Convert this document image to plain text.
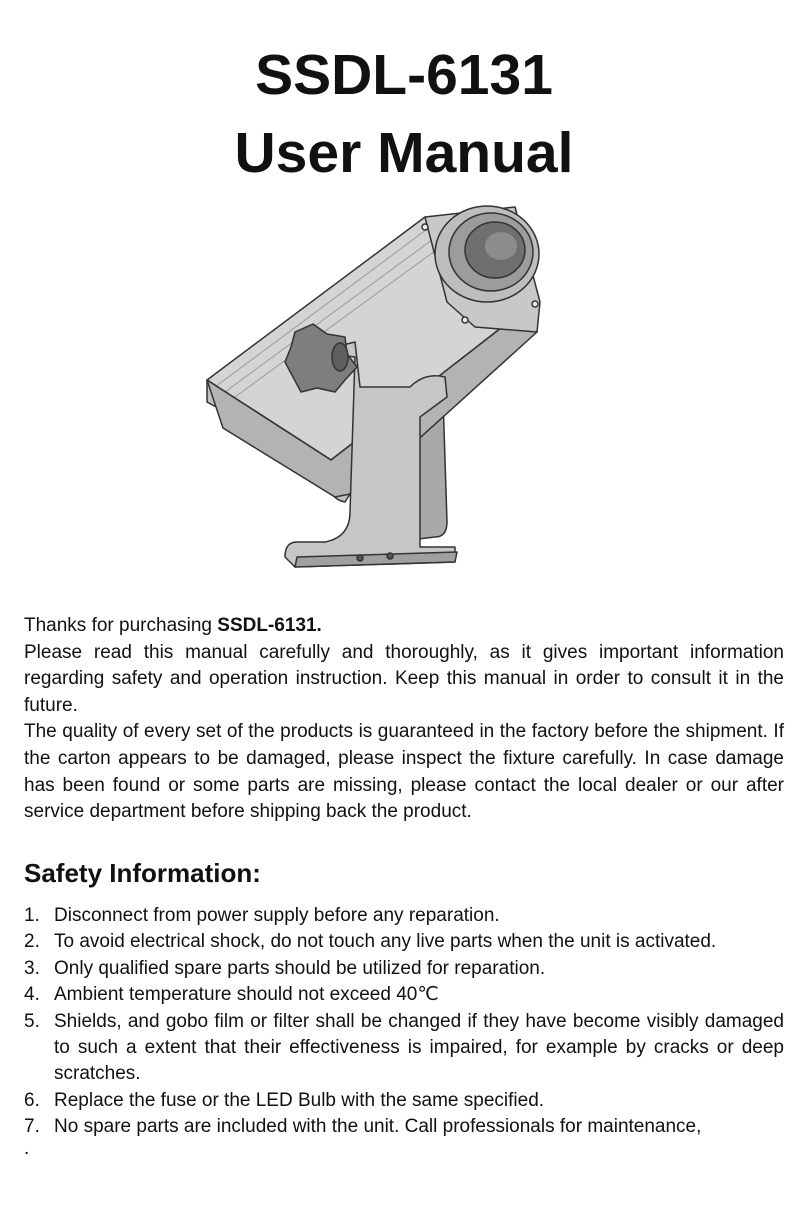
SSDL-6131
User Manual

Thanks for purchasing SSDL-6131.

Please read this manual carefully and thoroughly, as it gives important information regarding safety and operation instruction. Keep this manual in order to consult it in the future.

The quality of every set of the products is guaranteed in the factory before the shipment. If the carton appears to be damaged, please inspect the fixture carefully. In case damage has been found or some parts are missing, please contact the local dealer or our after service department before shipping back the product.

Safety Information:
1. Disconnect from power supply before any reparation.
2. To avoid electrical shock, do not touch any live parts when the unit is activated.
3. Only qualified spare parts should be utilized for reparation.
4. Ambient temperature should not exceed 40℃
5. Shields, and gobo film or filter shall be changed if they have become visibly damaged to such a extent that their effectiveness is impaired, for example by cracks or deep scratches.
6. Replace the fuse or the LED Bulb with the same specified.
7. No spare parts are included with the unit. Call professionals for maintenance,
.
